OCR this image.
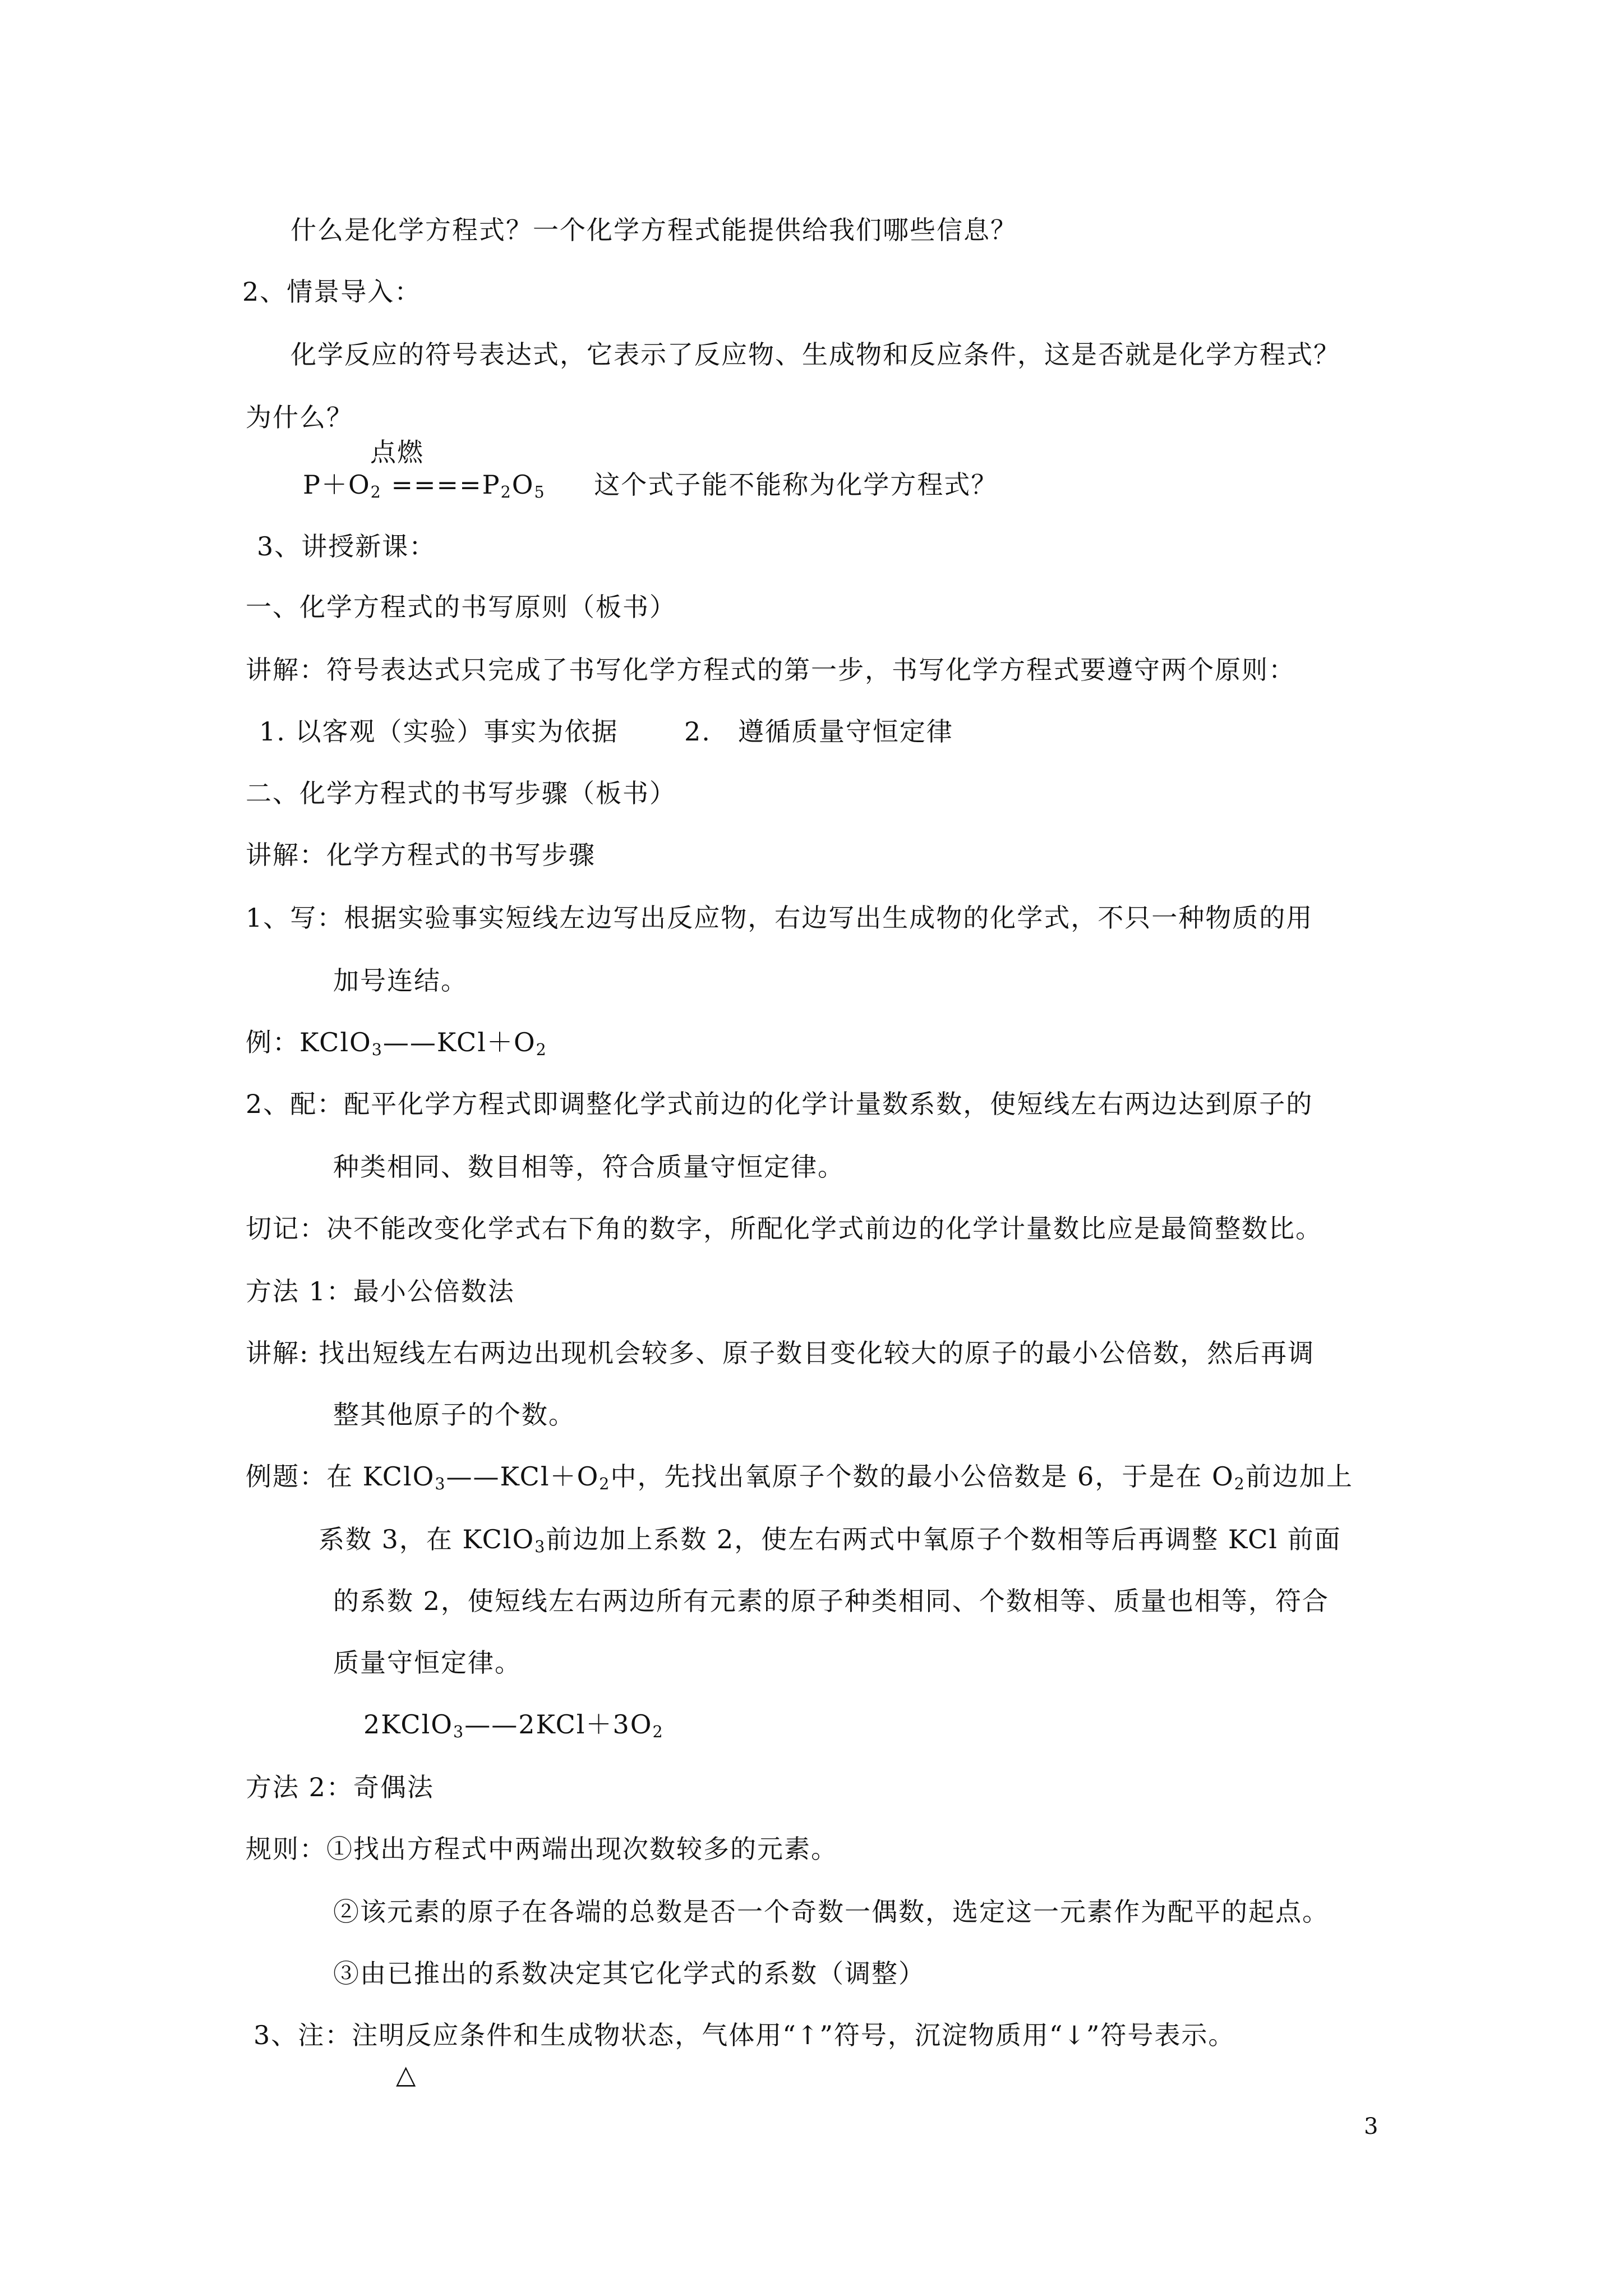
什么是化学方程式？一个化学方程式能提供给我们哪些信息？
2、情景导入：
化学反应的符号表达式，它表示了反应物、生成物和反应条件，这是否就是化学方程式？
为什么？
点燃
$P+O_2 ====P_2O_5$ 这个式子能不能称为化学方程式？
3、讲授新课：
一、化学方程式的书写原则（板书）
讲解：符号表达式只完成了书写化学方程式的第一步，书写化学方程式要遵守两个原则：
1. 以客观（实验）事实为依据	2.　遵循质量守恒定律
二、化学方程式的书写步骤（板书）
讲解：化学方程式的书写步骤
1、写：根据实验事实短线左边写出反应物，右边写出生成物的化学式，不只一种物质的用
加号连结。
例：$KClO_3——KCl+O_2$
2、配：配平化学方程式即调整化学式前边的化学计量数系数，使短线左右两边达到原子的
种类相同、数目相等，符合质量守恒定律。
切记：决不能改变化学式右下角的数字，所配化学式前边的化学计量数比应是最简整数比。
方法 1：最小公倍数法
讲解: 找出短线左右两边出现机会较多、原子数目变化较大的原子的最小公倍数，然后再调
整其他原子的个数。
例题：在 $KClO_3——KCl+O_2$中，先找出氧原子个数的最小公倍数是 6，于是在 $O_2$前边加上
系数 3，在 KClO$_3$前边加上系数 2，使左右两式中氧原子个数相等后再调整 KCl 前面
的系数 2，使短线左右两边所有元素的原子种类相同、个数相等、质量也相等，符合
质量守恒定律。
$2KClO_3——2KCl+3O_2$
方法 2：奇偶法
规则：①找出方程式中两端出现次数较多的元素。
②该元素的原子在各端的总数是否一个奇数一偶数，选定这一元素作为配平的起点。
③由已推出的系数决定其它化学式的系数（调整）
3、注：注明反应条件和生成物状态，气体用“↑”符号，沉淀物质用“↓”符号表示。
△
3
